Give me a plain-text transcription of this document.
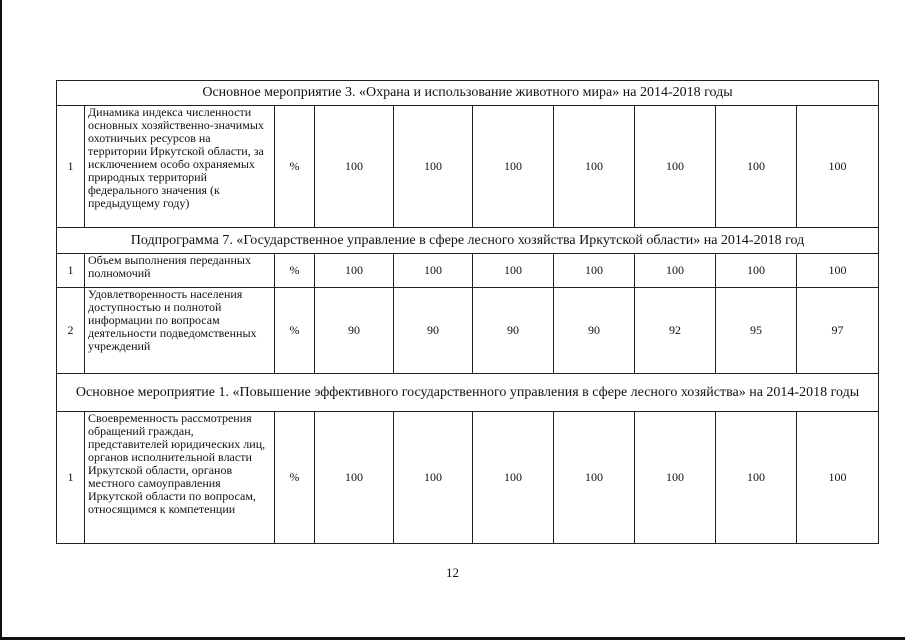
Основное мероприятие 3. «Охрана и использование животного мира» на 2014-2018 годы									
1	Динамика индекса численности основных хозяйственно-значимых охотничьих ресурсов на территории Иркутской области, за исключением особо охраняемых природных территорий федерального значения (к предыдущему году)	%	100	100	100	100	100	100	100
Подпрограмма 7. «Государственное управление в сфере лесного хозяйства Иркутской области» на 2014-2018 год									
1	Объем выполнения переданных полномочий	%	100	100	100	100	100	100	100
2	Удовлетворенность населения доступностью и полнотой информации по вопросам деятельности подведомственных учреждений	%	90	90	90	90	92	95	97
Основное мероприятие 1. «Повышение эффективного государственного управления в сфере лесного хозяйства» на 2014-2018 годы									
1	Своевременность рассмотрения обращений граждан, представителей юридических лиц, органов исполнительной власти Иркутской области, органов местного самоуправления Иркутской области по вопросам, относящимся к компетенции	%	100	100	100	100	100	100	100
12
